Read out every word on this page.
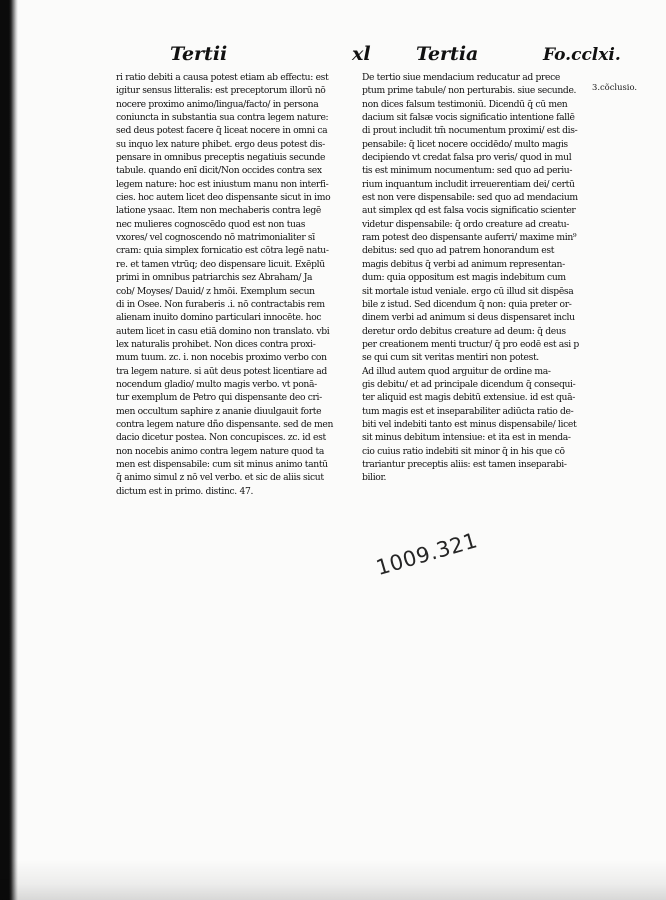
Tertii	xl Tertia	Fo.cclxi.
ri ratio debiti a causa potest etiam ab effectu: est
igitur sensus litteralis: est preceptorum illorū nō
nocere proximo animo/lingua/facto/ in persona
coniuncta in substantia sua contra legem nature:
sed deus potest facere q̄ liceat nocere in omni ca
su inquo lex nature phibet. ergo deus potest dis-
pensare in omnibus preceptis negatiuis secunde
tabule. quando enī dicit/Non occides contra sex
legem nature: hoc est iniustum manu non interfi-
cies. hoc autem licet deo dispensante sicut in imo
latione ysaac. Item non mechaberis contra legē
nec mulieres cognoscēdo quod est non tuas
vxores/ vel cognoscendo nō matrimonialiter sī
cram: quia simplex fornicatio est cōtra legē natu-
re. et tamen vtrūq; deo dispensare licuit. Exēplū
primi in omnibus patriarchis sez Abraham/ Ja
cob/ Moyses/ Dauid/ z hmōi. Exemplum secun
di in Osee. Non furaberis .i. nō contractabis rem
alienam inuito domino particulari innocēte. hoc
autem licet in casu etiā domino non translato. vbi
lex naturalis prohibet. Non dices contra proxi-
mum tuum. zc. i. non nocebis proximo verbo con
tra legem nature. si aūt deus potest licentiare ad
nocendum gladio/ multo magis verbo. vt ponā-
tur exemplum de Petro qui dispensante deo cri-
men occultum saphire z ananie diuulgauit forte
contra legem nature dño dispensante. sed de men
dacio dicetur postea. Non concupisces. zc. id est
non nocebis animo contra legem nature quod ta
men est dispensabile: cum sit minus animo tantū
q̄ animo simul z nō vel verbo. et sic de aliis sicut
dictum est in primo. distinc. 47.
De tertio siue mendacium reducatur ad prece
ptum prime tabule/ non perturabis. siue secunde.
non dices falsum testimoniū. Dicendū q̄ cū men
dacium sit falsæ vocis significatio intentione fallē
di prout includit tm̄ nocumentum proximi/ est dis-
pensabile: q̄ licet nocere occidēdo/ multo magis
decipiendo vt credat falsa pro veris/ quod in mul
tis est minimum nocumentum: sed quo ad periu-
rium inquantum includit irreuerentiam dei/ certū
est non vere dispensabile: sed quo ad mendacium
aut simplex qd est falsa vocis significatio scienter
videtur dispensabile: q̄ ordo creature ad creatu-
ram potest deo dispensante auferri/ maxime min⁹
debitus: sed quo ad patrem honorandum est
magis debitus q̄ verbi ad animum representan-
dum: quia oppositum est magis indebitum cum
sit mortale istud veniale. ergo cū illud sit dispēsa
bile z istud. Sed dicendum q̄ non: quia preter or-
dinem verbi ad animum si deus dispensaret inclu
deretur ordo debitus creature ad deum: q̄ deus
per creationem menti tructur/ q̄ pro eodē est asi p
se qui cum sit veritas mentiri non potest.
Ad illud autem quod arguitur de ordine ma-
gis debitu/ et ad principale dicendum q̄ consequi-
ter aliquid est magis debitū extensiue. id est quā-
tum magis est et inseparabiliter adiūcta ratio de-
biti vel indebiti tanto est minus dispensabile/ licet
sit minus debitum intensiue: et ita est in menda-
cio cuius ratio indebiti sit minor q̄ in his que cō
trariantur preceptis aliis: est tamen inseparabi-
bilior.
3.cõclusio.
1009.321
